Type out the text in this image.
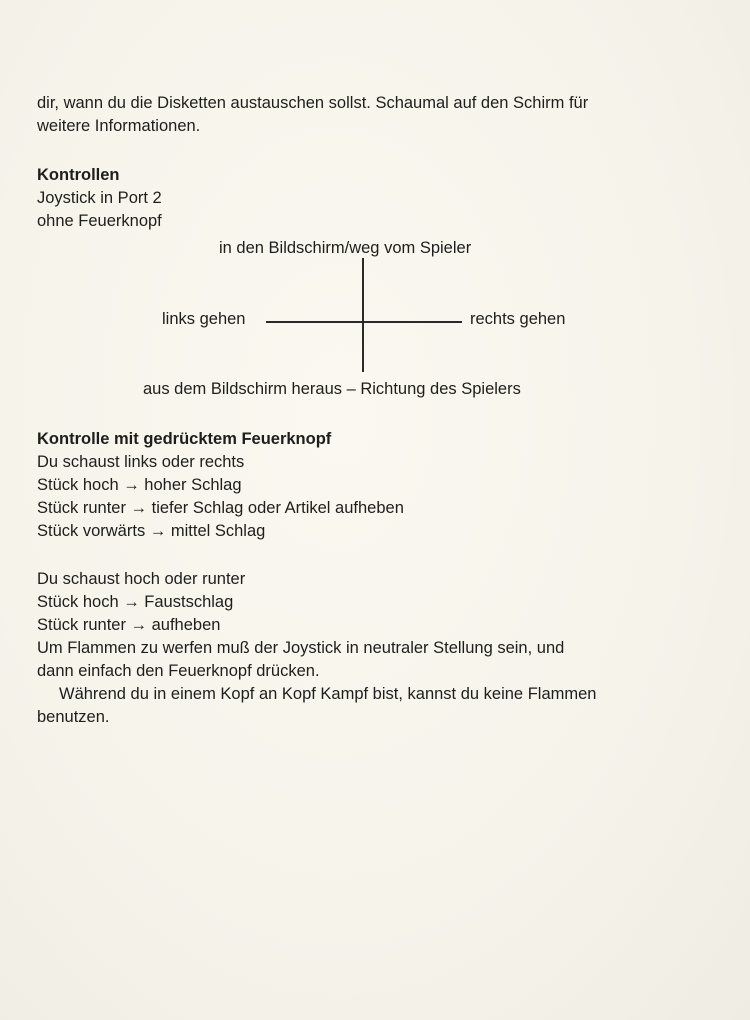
dir, wann du die Disketten austauschen sollst. Schaumal auf den Schirm für
weitere Informationen.
Kontrollen
Joystick in Port 2
ohne Feuerknopf
in den Bildschirm/weg vom Spieler
links gehen	rechts gehen
aus dem Bildschirm heraus – Richtung des Spielers
Kontrolle mit gedrücktem Feuerknopf
Du schaust links oder rechts
Stück hoch → hoher Schlag
Stück runter → tiefer Schlag oder Artikel aufheben
Stück vorwärts → mittel Schlag
Du schaust hoch oder runter
Stück hoch → Faustschlag
Stück runter → aufheben
Um Flammen zu werfen muß der Joystick in neutraler Stellung sein, und
dann einfach den Feuerknopf drücken.
Während du in einem Kopf an Kopf Kampf bist, kannst du keine Flammen
benutzen.
